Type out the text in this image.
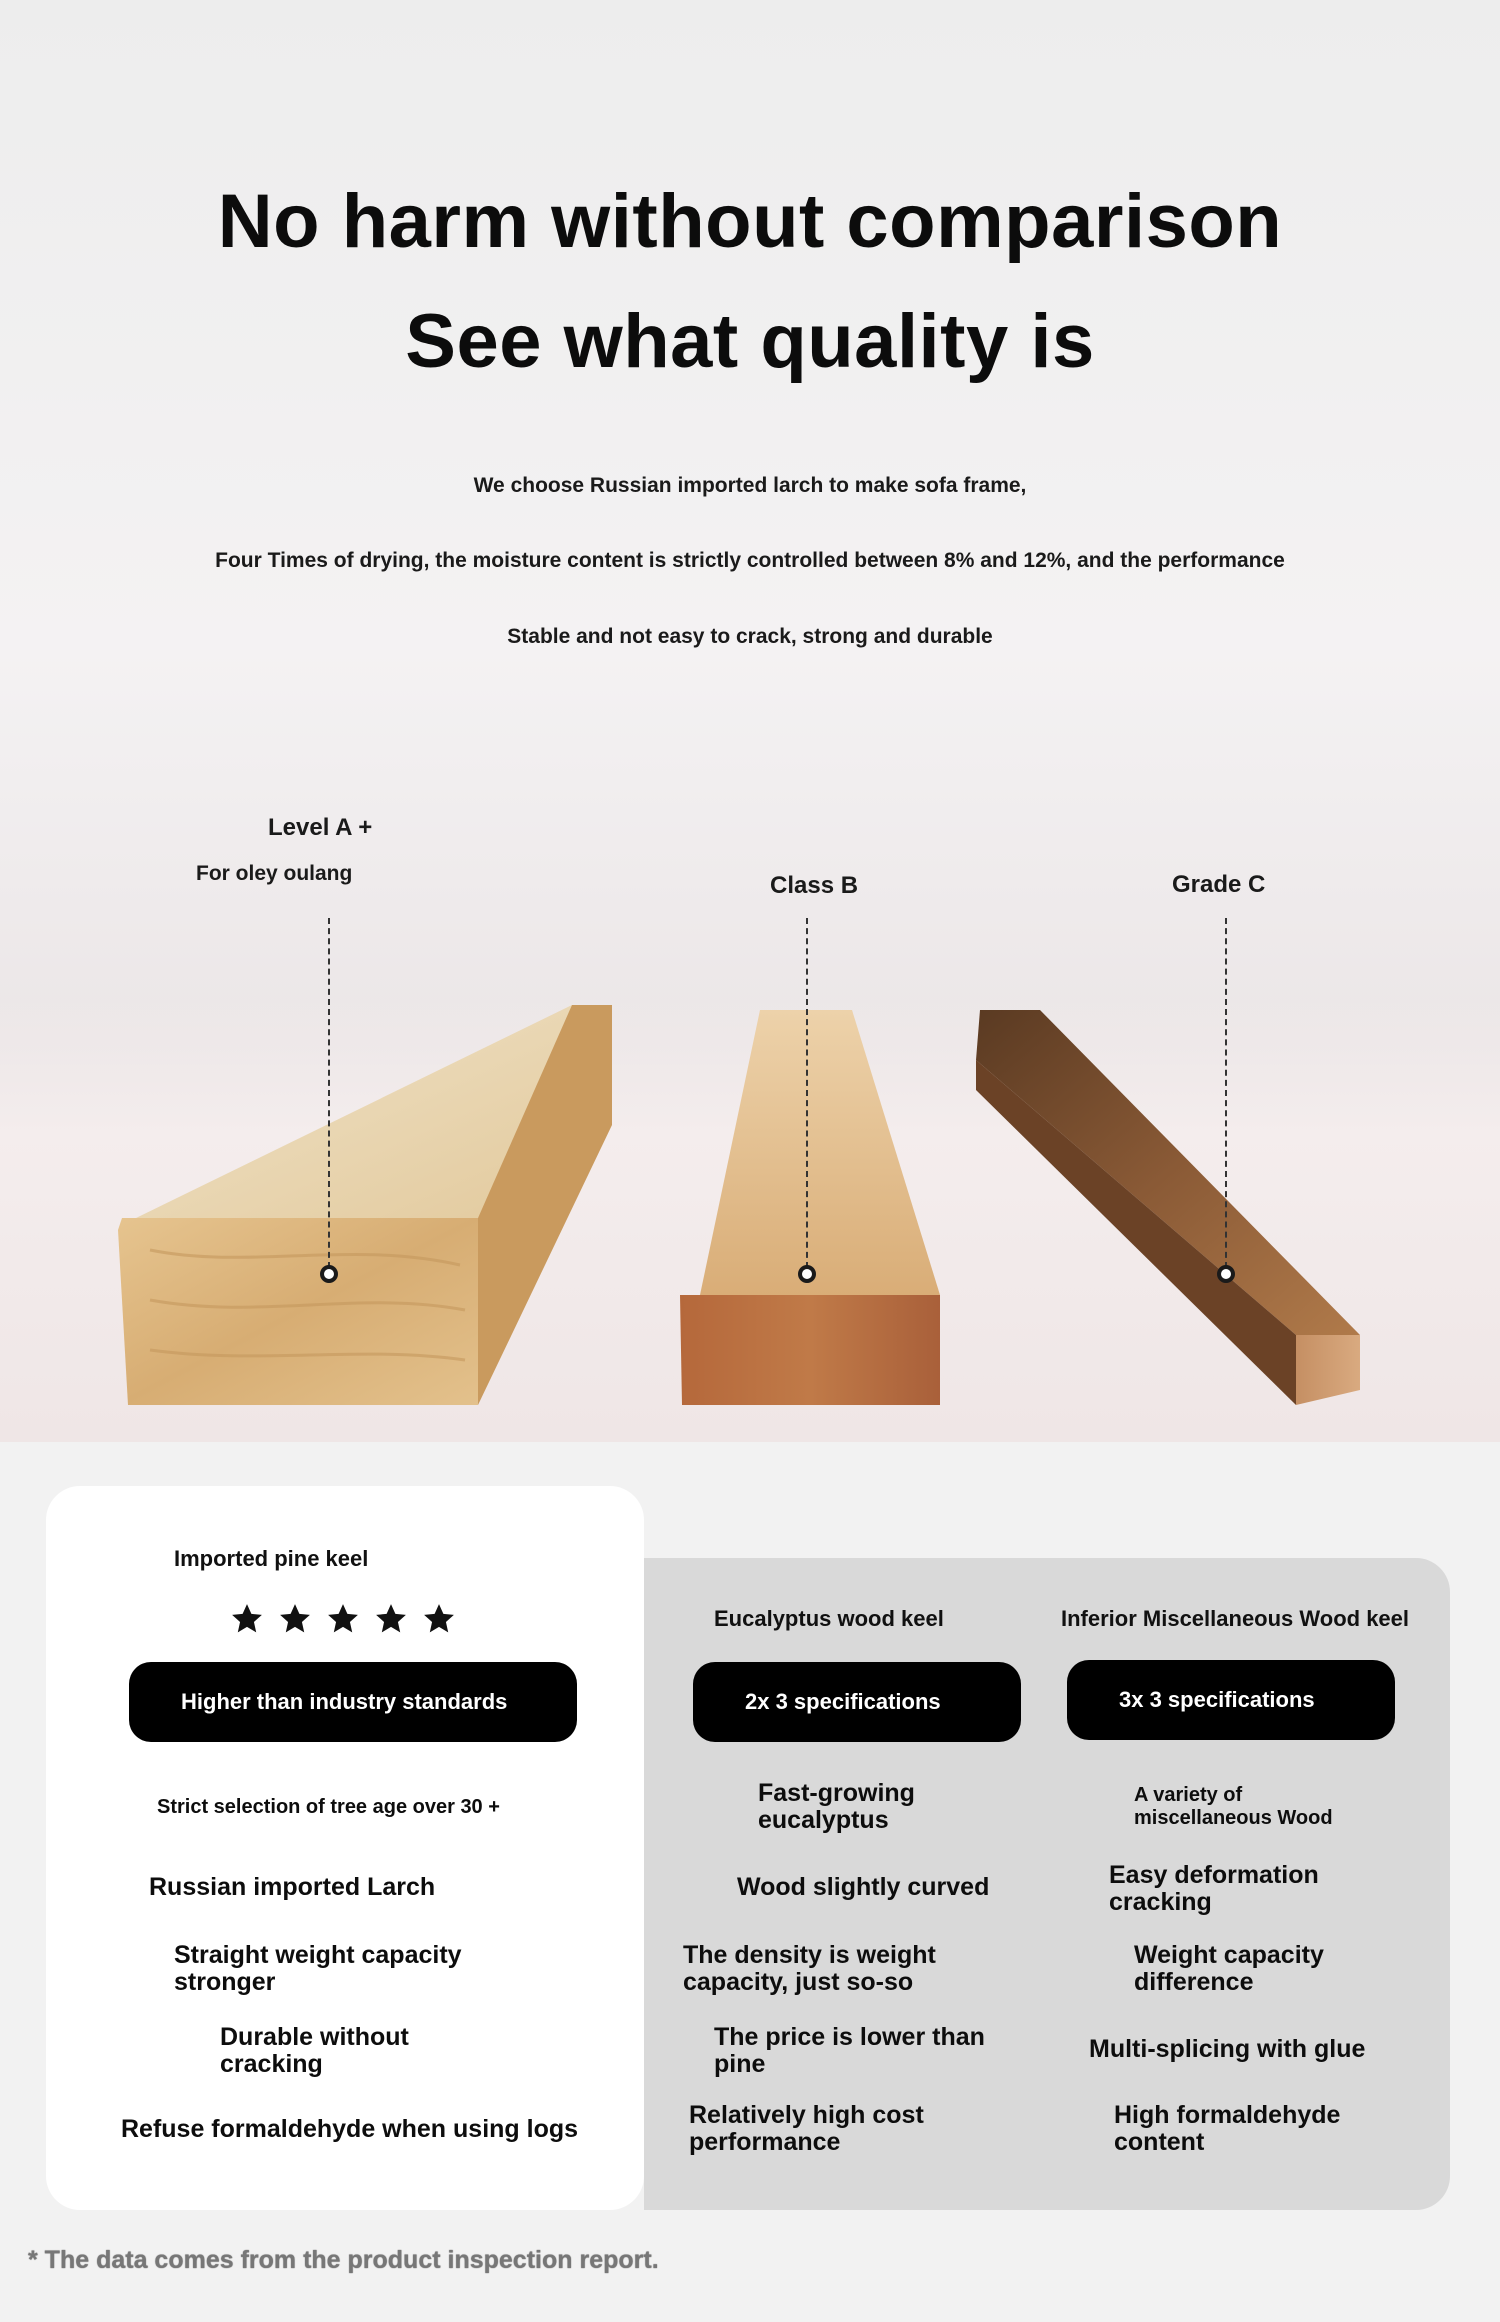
No harm without comparison
See what quality is
We choose Russian imported larch to make sofa frame,
Four Times of drying, the moisture content is strictly controlled between 8% and 12%, and the performance
Stable and not easy to crack, strong and durable
Level A +
For oley oulang	Class B	Grade C
Imported pine keel
Higher than industry standards
Strict selection of tree age over 30 +
Russian imported Larch
Straight weight capacity
stronger
Durable without
cracking
Refuse formaldehyde when using logs
Eucalyptus wood keel
2x 3 specifications
Fast-growing
eucalyptus
Wood slightly curved
The density is weight
capacity, just so-so
The price is lower than
pine
Relatively high cost
performance
Inferior Miscellaneous Wood keel
3x 3 specifications
A variety of
miscellaneous Wood
Easy deformation
cracking
Weight capacity
difference
Multi-splicing with glue
High formaldehyde
content
* The data comes from the product inspection report.
